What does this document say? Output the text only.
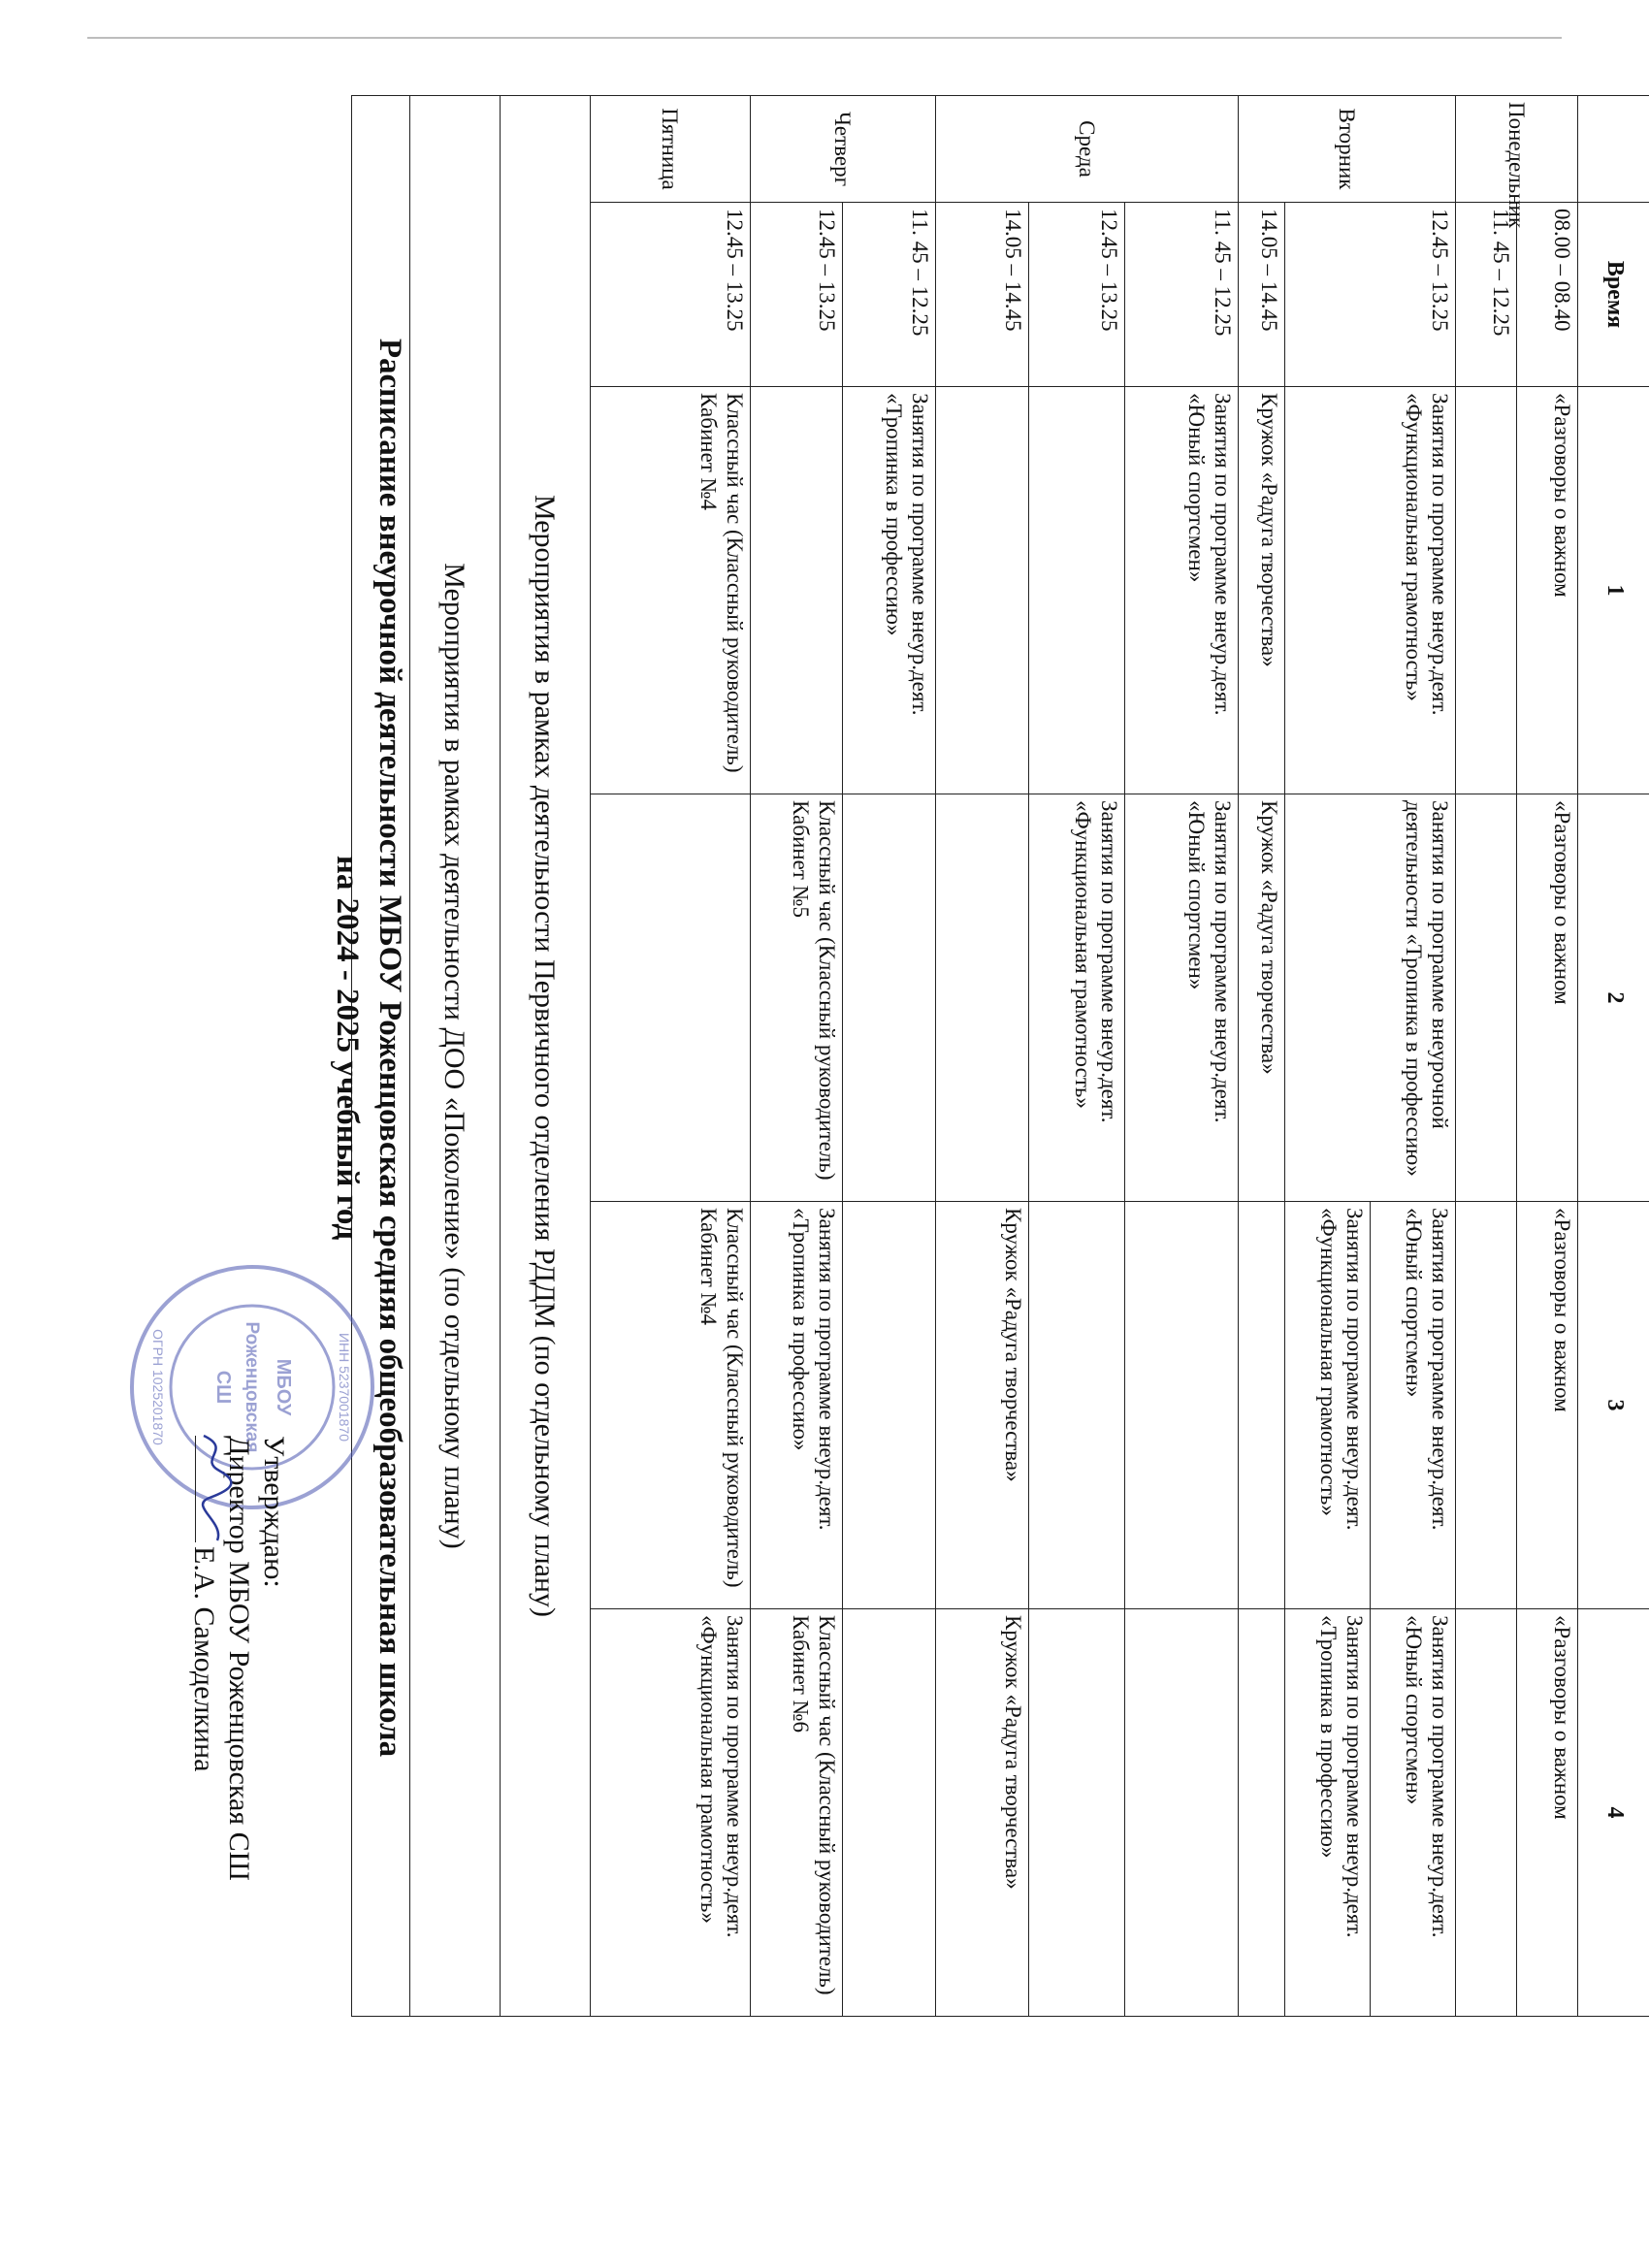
	Время	1	2	3	4
Понедельник	08.00 – 08.40	«Разговоры о важном	«Разговоры о важном	«Разговоры о важном	«Разговоры о важном
	11. 45 – 12.25				
Вторник	12.45 – 13.25	Занятия по программе внеур.деят. «Функциональная грамотность»	Занятия по программе внеурочной деятельности «Тропинка в профессию»	Занятия по программе внеур.деят. «Юный спортсмен»	Занятия по программе внеур.деят. «Юный спортсмен»
				Занятия по программе внеур.деят. «Функциональная грамотность»	Занятия по программе внеур.деят. «Тропинка в профессию»
	14.05 – 14.45	Кружок «Радуга творчества»	Кружок «Радуга творчества»		
Среда	11. 45 – 12.25	Занятия по программе внеур.деят. «Юный спортсмен»	Занятия по программе внеур.деят. «Юный спортсмен»		
	12.45 – 13.25		Занятия по программе внеур.деят. «Функциональная грамотность»		
	14.05 – 14.45			Кружок «Радуга творчества»	Кружок «Радуга творчества»
Четверг	11. 45 – 12.25	Занятия по программе внеур.деят. «Тропинка в профессию»			
	12.45 – 13.25		Классный час (Классный руководитель) Кабинет №5	Занятия по программе внеур.деят. «Тропинка в профессию»	Классный час (Классный руководитель) Кабинет №6
Пятница	12.45 – 13.25	Классный час (Классный руководитель) Кабинет №4		Классный час (Классный руководитель) Кабинет №4	Занятия по программе внеур.деят. «Функциональная грамотность»
Мероприятия в рамках деятельности Первичного отделения РДДМ (по отдельному плану)					
Мероприятия в рамках деятельности ДОО «Поколение» (по отдельному плану)					

Расписание внеурочной деятельности МБОУ Роженцовская средняя общеобразовательная школа
на 2024 - 2025 учебный год
МБОУ
Роженцовская
СШ	ИНН 5237001870
ОГРН 1025201870
Утверждаю:
Директор МБОУ Роженцовская СШ
Е.А. Самоделкина
